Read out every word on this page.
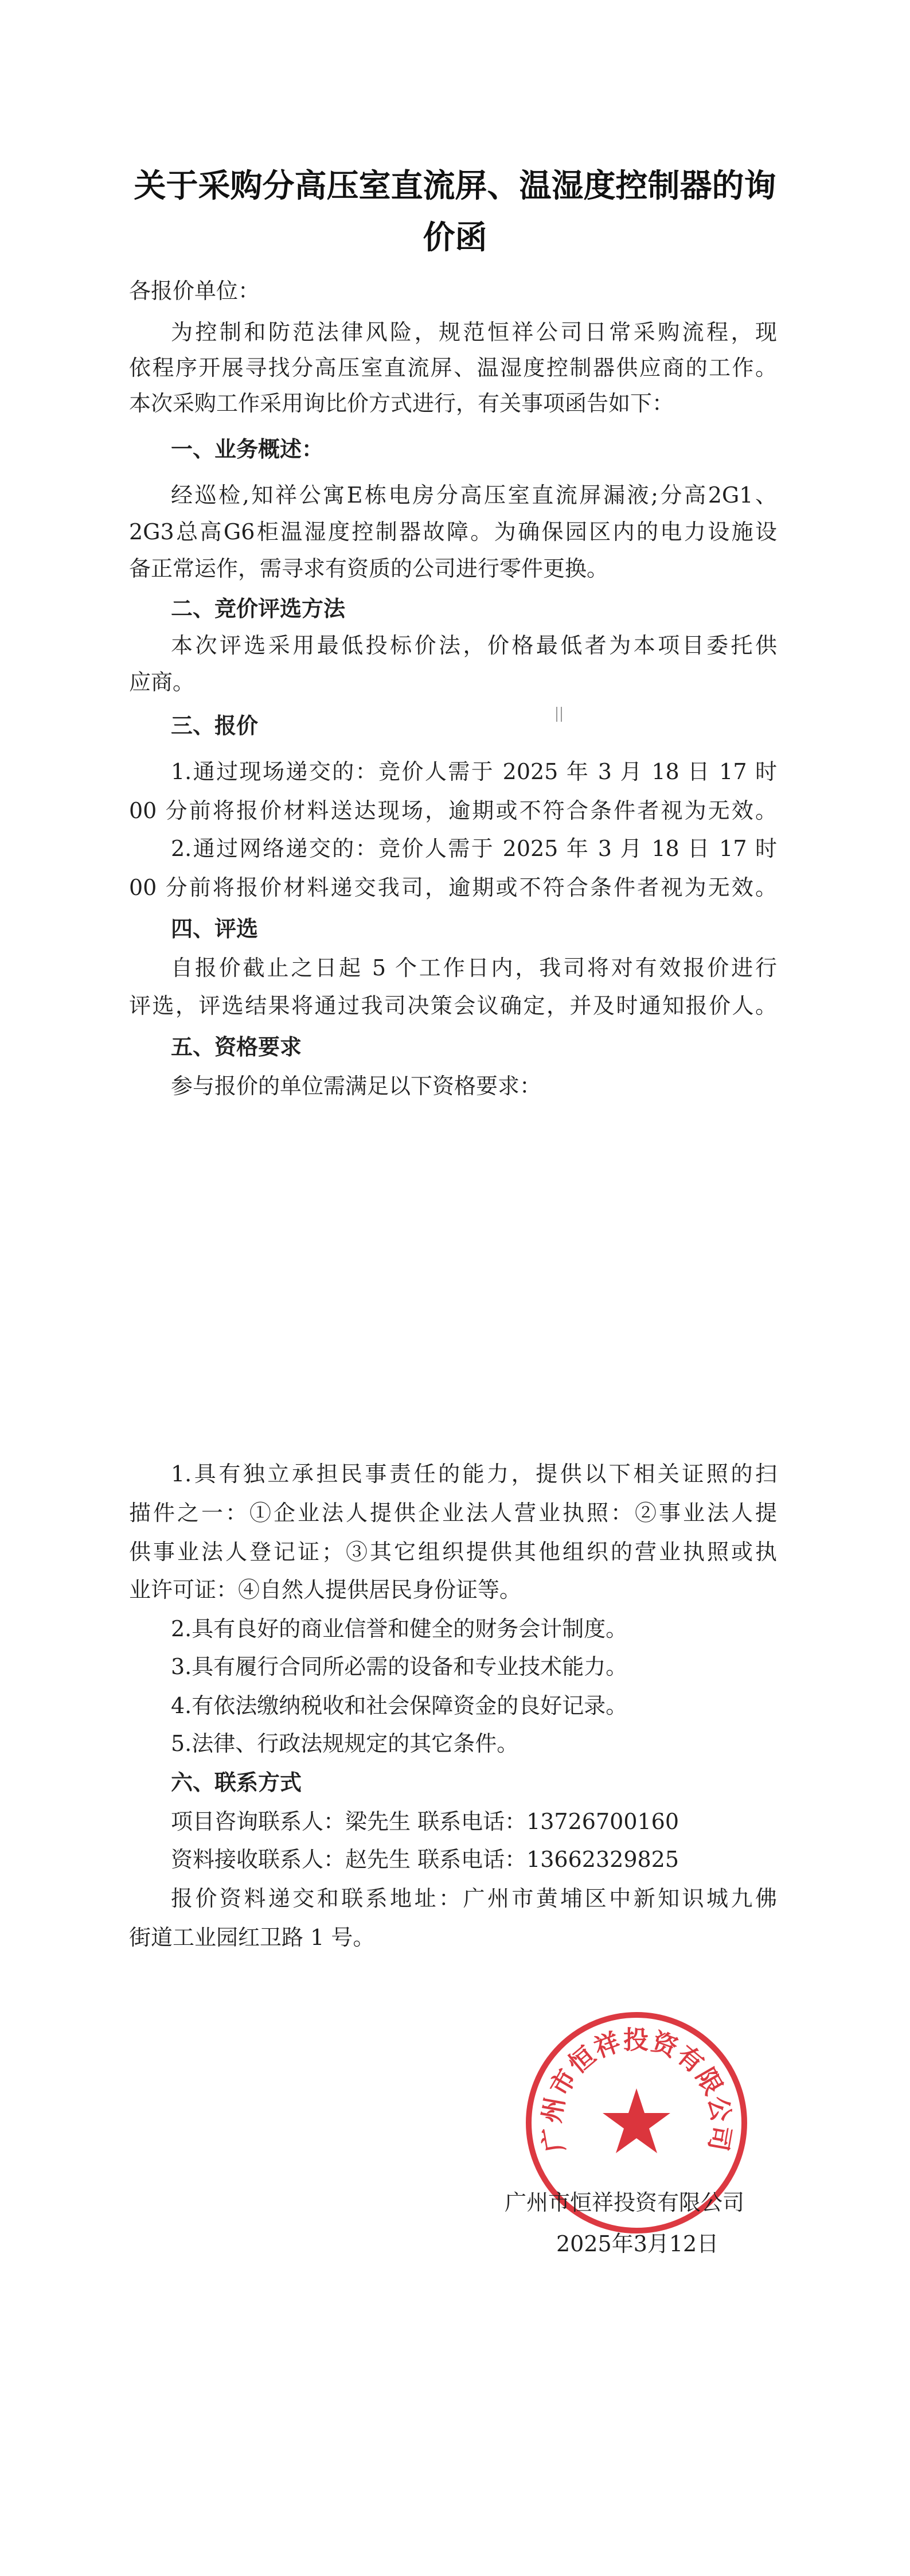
关于采购分高压室直流屏、温湿度控制器的询
价函
各报价单位：
为控制和防范法律风险，规范恒祥公司日常采购流程，现
依程序开展寻找分高压室直流屏、温湿度控制器供应商的工作。
本次采购工作采用询比价方式进行，有关事项函告如下：
一、业务概述：
经巡检,知祥公寓E栋电房分高压室直流屏漏液;分高2G1、
2G3总高G6柜温湿度控制器故障。为确保园区内的电力设施设
备正常运作，需寻求有资质的公司进行零件更换。
二、竞价评选方法
本次评选采用最低投标价法，价格最低者为本项目委托供
应商。
三、报价
1.通过现场递交的：竞价人需于 2025 年 3 月 18 日 17 时
00 分前将报价材料送达现场，逾期或不符合条件者视为无效。
2.通过网络递交的：竞价人需于 2025 年 3 月 18 日 17 时
00 分前将报价材料递交我司，逾期或不符合条件者视为无效。
四、评选
自报价截止之日起 5 个工作日内，我司将对有效报价进行
评选，评选结果将通过我司决策会议确定，并及时通知报价人。
五、资格要求
参与报价的单位需满足以下资格要求：
1.具有独立承担民事责任的能力，提供以下相关证照的扫
描件之一：①企业法人提供企业法人营业执照：②事业法人提
供事业法人登记证；③其它组织提供其他组织的营业执照或执
业许可证：④自然人提供居民身份证等。
2.具有良好的商业信誉和健全的财务会计制度。
3.具有履行合同所必需的设备和专业技术能力。
4.有依法缴纳税收和社会保障资金的良好记录。
5.法律、行政法规规定的其它条件。
六、联系方式
项目咨询联系人：梁先生 联系电话：13726700160
资料接收联系人：赵先生 联系电话：13662329825
报价资料递交和联系地址：广州市黄埔区中新知识城九佛
街道工业园红卫路 1 号。
广州市恒祥投资有限公司
广州市恒祥投资有限公司
2025年3月12日
